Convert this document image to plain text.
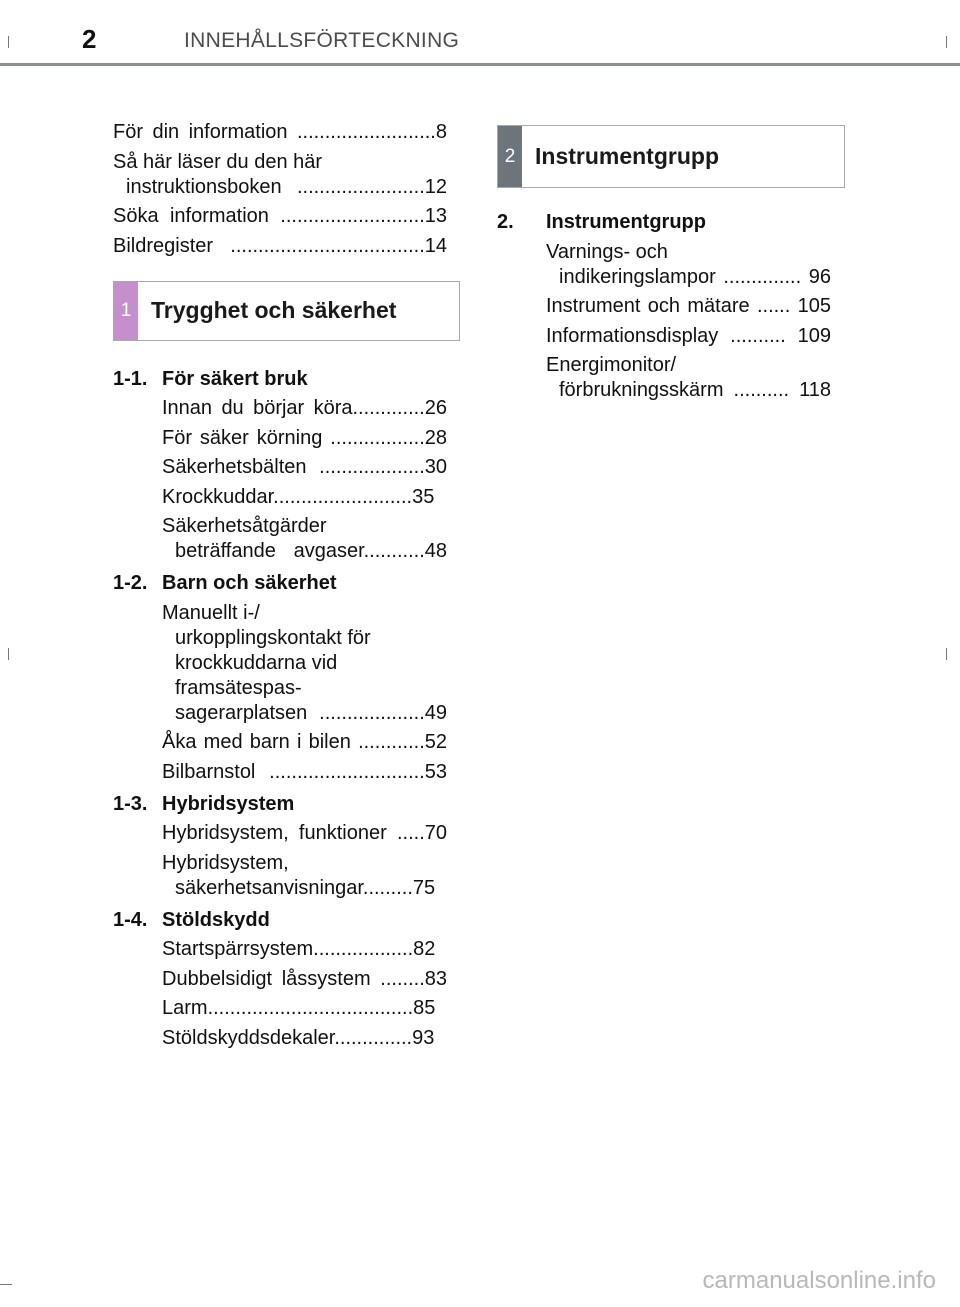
2	INNEHÅLLSFÖRTECKNING
För din information .........................8
Så här läser du den här
instruktionsboken .......................12
Söka information ..........................13
Bildregister ...................................14
1 Trygghet och säkerhet
1-1. För säkert bruk
Innan du börjar köra.............26
För säker körning .................28
Säkerhetsbälten ...................30
Krockkuddar.........................35
Säkerhetsåtgärder
beträffande avgaser...........48
1-2. Barn och säkerhet
Manuellt i-/
urkopplingskontakt för
krockkuddarna vid
framsätespas-
sagerarplatsen ...................49
Åka med barn i bilen ............52
Bilbarnstol ............................53
1-3. Hybridsystem
Hybridsystem, funktioner .....70
Hybridsystem,
säkerhetsanvisningar.........75
1-4. Stöldskydd
Startspärrsystem..................82
Dubbelsidigt låssystem ........83
Larm.....................................85
Stöldskyddsdekaler..............93
2 Instrumentgrupp
2.	Instrumentgrupp
Varnings- och
indikeringslampor .............. 96
Instrument och mätare ...... 105
Informationsdisplay .......... 109
Energimonitor/
förbrukningsskärm .......... 118
carmanualsonline.info
